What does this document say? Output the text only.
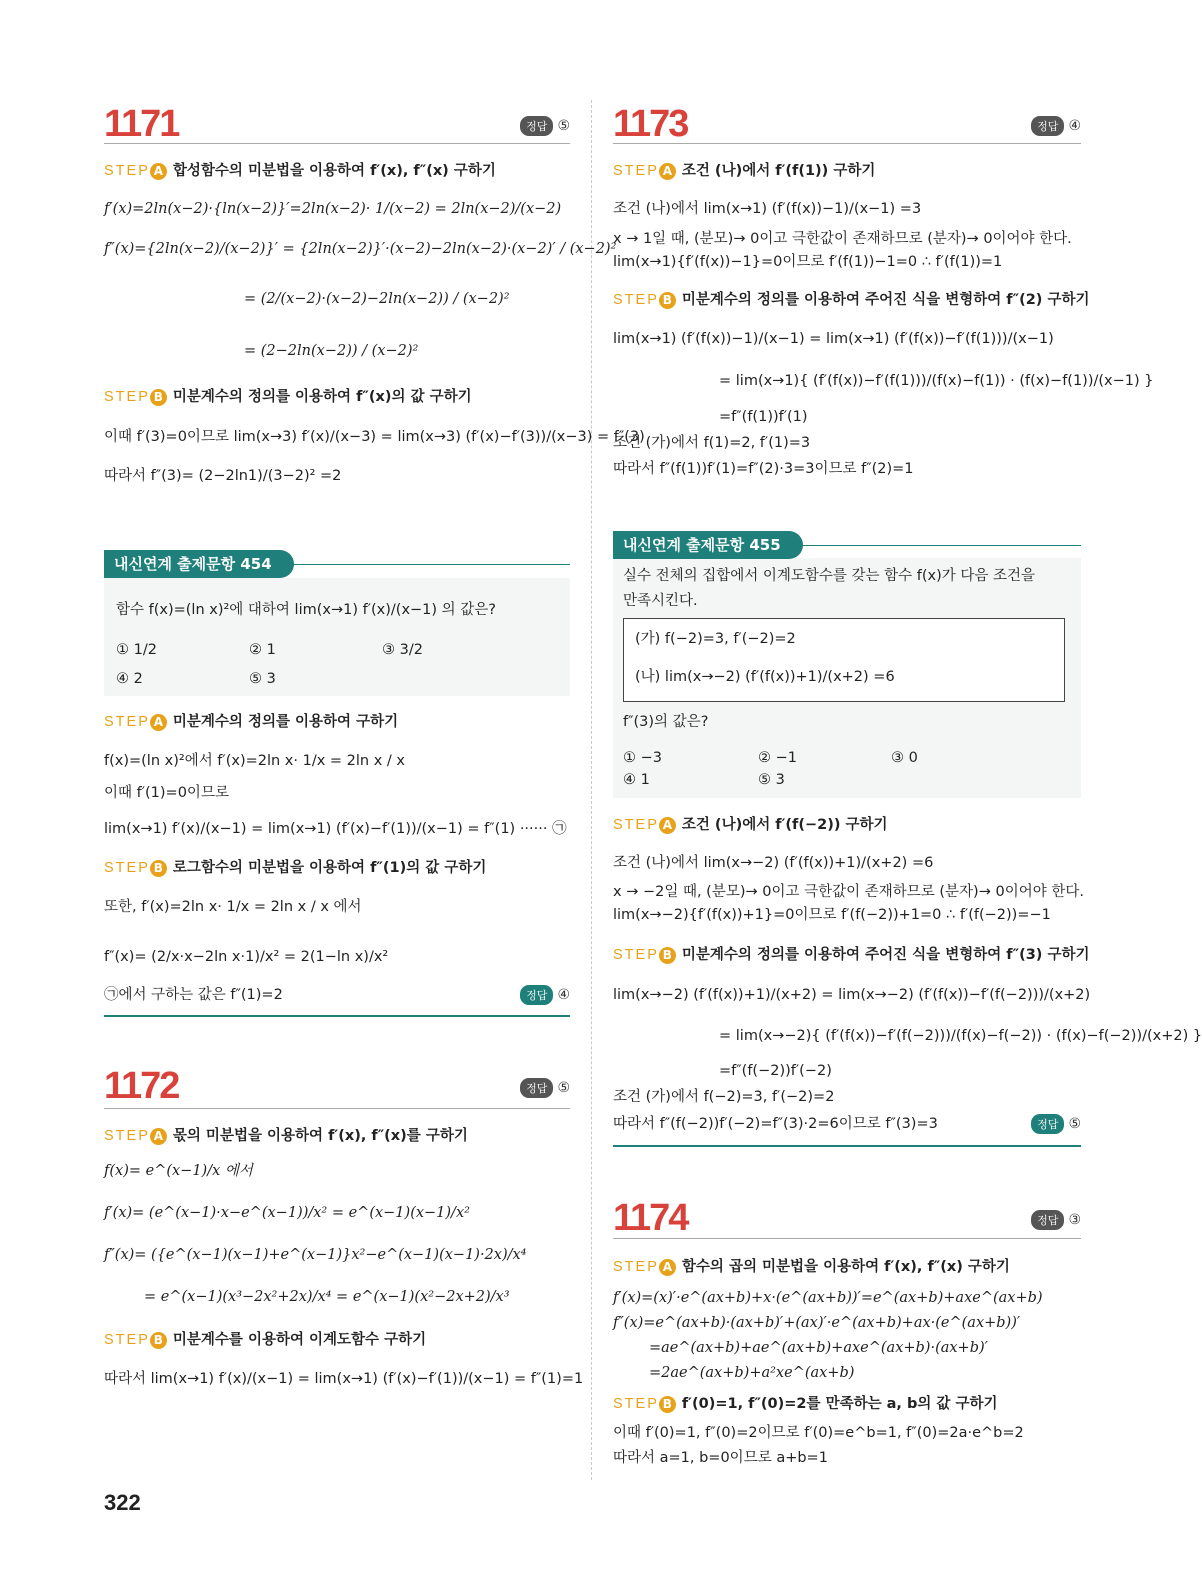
1171	정답 ⑤
STEP A 합성함수의 미분법을 이용하여 f′(x), f″(x) 구하기
f′(x)=2ln(x−2)·{ln(x−2)}′=2ln(x−2)· 1/(x−2) = 2ln(x−2)/(x−2)
f″(x)={2ln(x−2)/(x−2)}′ = {2ln(x−2)}′·(x−2)−2ln(x−2)·(x−2)′ / (x−2)²
= (2/(x−2)·(x−2)−2ln(x−2)) / (x−2)²
= (2−2ln(x−2)) / (x−2)²
STEP B 미분계수의 정의를 이용하여 f″(x)의 값 구하기
이때 f′(3)=0이므로 lim(x→3) f′(x)/(x−3) = lim(x→3) (f′(x)−f′(3))/(x−3) = f″(3)
따라서 f″(3)= (2−2ln1)/(3−2)² =2
내신연계 출제문항 454
함수 f(x)=(ln x)²에 대하여 lim(x→1) f′(x)/(x−1) 의 값은?
① 1/2	② 1	③ 3/2
④ 2	⑤ 3
STEP A 미분계수의 정의를 이용하여 구하기
f(x)=(ln x)²에서 f′(x)=2ln x· 1/x = 2ln x / x
이때 f′(1)=0이므로
lim(x→1) f′(x)/(x−1) = lim(x→1) (f′(x)−f′(1))/(x−1) = f″(1) ······ ㉠
STEP B 로그함수의 미분법을 이용하여 f″(1)의 값 구하기
또한, f′(x)=2ln x· 1/x = 2ln x / x 에서
f″(x)= (2/x·x−2ln x·1)/x² = 2(1−ln x)/x²
㉠에서 구하는 값은 f″(1)=2	정답 ④
1172	정답 ⑤
STEP A 몫의 미분법을 이용하여 f′(x), f″(x)를 구하기
f(x)= e^(x−1)/x 에서
f′(x)= (e^(x−1)·x−e^(x−1))/x² = e^(x−1)(x−1)/x²
f″(x)= ({e^(x−1)(x−1)+e^(x−1)}x²−e^(x−1)(x−1)·2x)/x⁴
= e^(x−1)(x³−2x²+2x)/x⁴ = e^(x−1)(x²−2x+2)/x³
STEP B 미분계수를 이용하여 이계도함수 구하기
따라서 lim(x→1) f′(x)/(x−1) = lim(x→1) (f′(x)−f′(1))/(x−1) = f″(1)=1
1173	정답 ④
STEP A 조건 (나)에서 f′(f(1)) 구하기
조건 (나)에서 lim(x→1) (f′(f(x))−1)/(x−1) =3
x → 1일 때, (분모)→ 0이고 극한값이 존재하므로 (분자)→ 0이어야 한다.
lim(x→1){f′(f(x))−1}=0이므로 f′(f(1))−1=0 ∴ f′(f(1))=1
STEP B 미분계수의 정의를 이용하여 주어진 식을 변형하여 f″(2) 구하기
lim(x→1) (f′(f(x))−1)/(x−1) = lim(x→1) (f′(f(x))−f′(f(1)))/(x−1)
= lim(x→1){ (f′(f(x))−f′(f(1)))/(f(x)−f(1)) · (f(x)−f(1))/(x−1) }
=f″(f(1))f′(1)
조건 (가)에서 f(1)=2, f′(1)=3
따라서 f″(f(1))f′(1)=f″(2)·3=3이므로 f″(2)=1
내신연계 출제문항 455
실수 전체의 집합에서 이계도함수를 갖는 함수 f(x)가 다음 조건을
만족시킨다.
(가) f(−2)=3, f′(−2)=2
(나) lim(x→−2) (f′(f(x))+1)/(x+2) =6
f″(3)의 값은?
① −3	② −1	③ 0
④ 1	⑤ 3
STEP A 조건 (나)에서 f′(f(−2)) 구하기
조건 (나)에서 lim(x→−2) (f′(f(x))+1)/(x+2) =6
x → −2일 때, (분모)→ 0이고 극한값이 존재하므로 (분자)→ 0이어야 한다.
lim(x→−2){f′(f(x))+1}=0이므로 f′(f(−2))+1=0 ∴ f′(f(−2))=−1
STEP B 미분계수의 정의를 이용하여 주어진 식을 변형하여 f″(3) 구하기
lim(x→−2) (f′(f(x))+1)/(x+2) = lim(x→−2) (f′(f(x))−f′(f(−2)))/(x+2)
= lim(x→−2){ (f′(f(x))−f′(f(−2)))/(f(x)−f(−2)) · (f(x)−f(−2))/(x+2) }
=f″(f(−2))f′(−2)
조건 (가)에서 f(−2)=3, f′(−2)=2
따라서 f″(f(−2))f′(−2)=f″(3)·2=6이므로 f″(3)=3	정답 ⑤
1174	정답 ③
STEP A 함수의 곱의 미분법을 이용하여 f′(x), f″(x) 구하기
f′(x)=(x)′·e^(ax+b)+x·(e^(ax+b))′=e^(ax+b)+axe^(ax+b)
f″(x)=e^(ax+b)·(ax+b)′+(ax)′·e^(ax+b)+ax·(e^(ax+b))′
=ae^(ax+b)+ae^(ax+b)+axe^(ax+b)·(ax+b)′
=2ae^(ax+b)+a²xe^(ax+b)
STEP B f′(0)=1, f″(0)=2를 만족하는 a, b의 값 구하기
이때 f′(0)=1, f″(0)=2이므로 f′(0)=e^b=1, f″(0)=2a·e^b=2
따라서 a=1, b=0이므로 a+b=1
322
